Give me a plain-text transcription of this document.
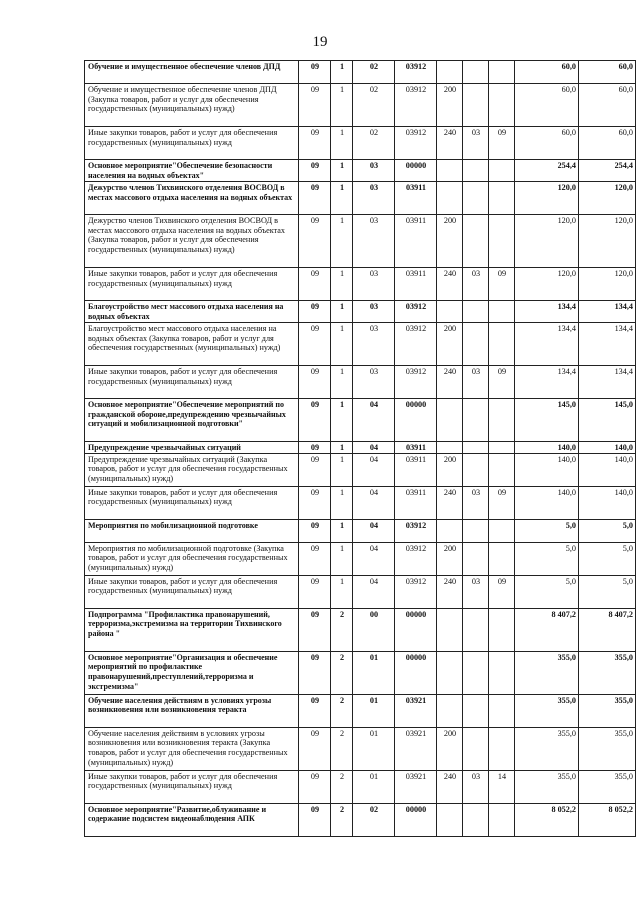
19
Обучение и имущественное обеспечение членов ДПД	09	1	02	03912				60,0	60,0
Обучение и имущественное обеспечение членов ДПД (Закупка товаров, работ и услуг для обеспечения государственных (муниципальных) нужд)	09	1	02	03912	200			60,0	60,0
Иные закупки товаров, работ и услуг для обеспечения государственных (муниципальных) нужд	09	1	02	03912	240	03	09	60,0	60,0
Основное мероприятие"Обеспечение безопасности населения на водных объектах"	09	1	03	00000				254,4	254,4
Дежурство членов Тихвинского отделения ВОСВОД в местах массового отдыха населения на водных объектах	09	1	03	03911				120,0	120,0
Дежурство членов Тихвинского отделения ВОСВОД в местах массового отдыха населения на водных объектах (Закупка товаров, работ и услуг для обеспечения государственных (муниципальных) нужд)	09	1	03	03911	200			120,0	120,0
Иные закупки товаров, работ и услуг для обеспечения государственных (муниципальных) нужд	09	1	03	03911	240	03	09	120,0	120,0
Благоустройство мест массового отдыха населения на водных объектах	09	1	03	03912				134,4	134,4
Благоустройство мест массового отдыха населения на водных объектах (Закупка товаров, работ и услуг для обеспечения государственных (муниципальных) нужд)	09	1	03	03912	200			134,4	134,4
Иные закупки товаров, работ и услуг для обеспечения государственных (муниципальных) нужд	09	1	03	03912	240	03	09	134,4	134,4
Основное мероприятие"Обеспечение мероприятий по гражданской обороне,предупреждению чрезвычайных ситуаций и мобилизационной подготовки"	09	1	04	00000				145,0	145,0
Предупреждение чрезвычайных ситуаций	09	1	04	03911				140,0	140,0
Предупреждение чрезвычайных ситуаций (Закупка товаров, работ и услуг для обеспечения государственных (муниципальных) нужд)	09	1	04	03911	200			140,0	140,0
Иные закупки товаров, работ и услуг для обеспечения государственных (муниципальных) нужд	09	1	04	03911	240	03	09	140,0	140,0
Мероприятия по мобилизационной подготовке	09	1	04	03912				5,0	5,0
Мероприятия по мобилизационной подготовке (Закупка товаров, работ и услуг для обеспечения государственных (муниципальных) нужд)	09	1	04	03912	200			5,0	5,0
Иные закупки товаров, работ и услуг для обеспечения государственных (муниципальных) нужд	09	1	04	03912	240	03	09	5,0	5,0
Подпрограмма "Профилактика правонарушений, терроризма,экстремизма на территории Тихвинского района "	09	2	00	00000				8 407,2	8 407,2
Основное мероприятие"Организация и обеспечение мероприятий по профилактике правонарушений,преступлений,терроризма и экстремизма"	09	2	01	00000				355,0	355,0
Обучение населения действиям в условиях угрозы возникновения или возникновения теракта	09	2	01	03921				355,0	355,0
Обучение населения действиям в условиях угрозы возникновения или возникновения теракта (Закупка товаров, работ и услуг для обеспечения государственных (муниципальных) нужд)	09	2	01	03921	200			355,0	355,0
Иные закупки товаров, работ и услуг для обеспечения государственных (муниципальных) нужд	09	2	01	03921	240	03	14	355,0	355,0
Основное мероприятие"Развитие,облуживание и содержание подсистем видеонаблюдения АПК	09	2	02	00000				8 052,2	8 052,2
